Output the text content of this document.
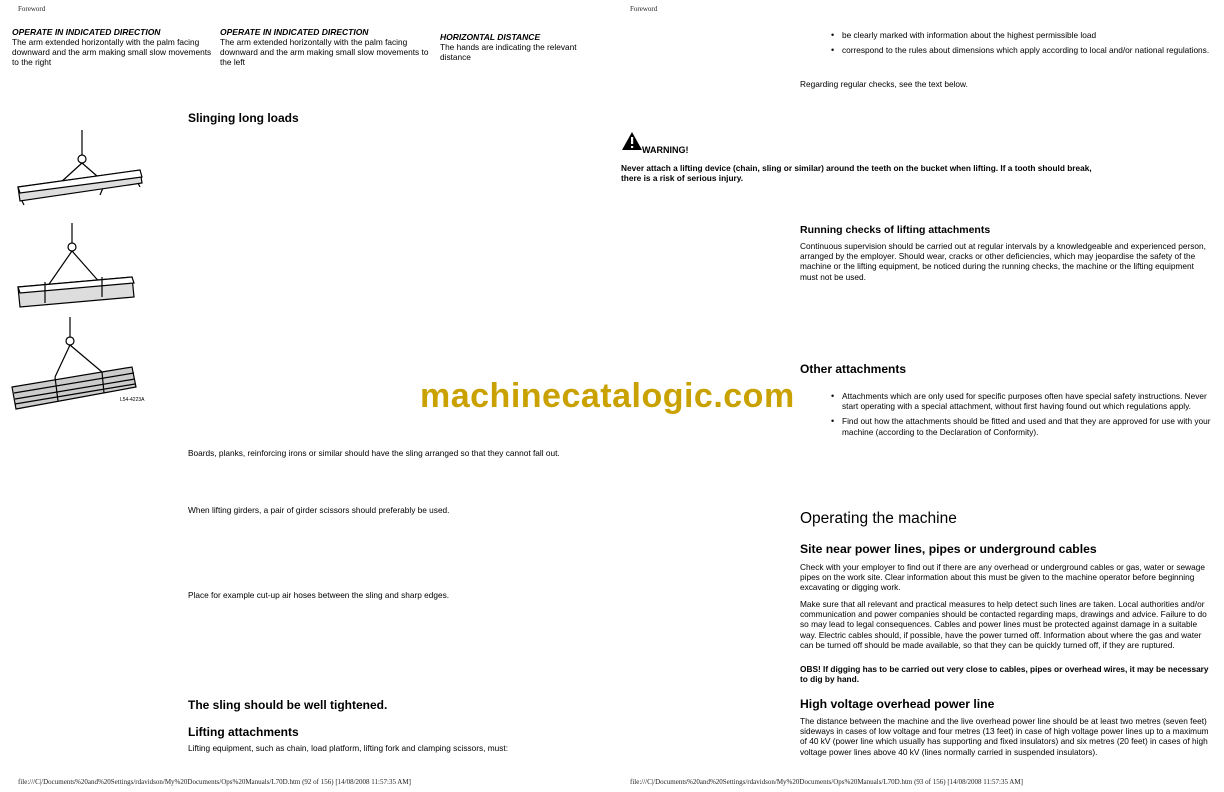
Foreword
OPERATE IN INDICATED DIRECTION
The arm extended horizontally with the palm facing downward and the arm making small slow movements to the right
OPERATE IN INDICATED DIRECTION
The arm extended horizontally with the palm facing downward and the arm making small slow movements to the left
HORIZONTAL DISTANCE
The hands are indicating the relevant distance
Slinging long loads
L54-4223A
Boards, planks, reinforcing irons or similar should have the sling arranged so that they cannot fall out.
When lifting girders, a pair of girder scissors should preferably be used.
Place for example cut-up air hoses between the sling and sharp edges.
The sling should be well tightened.
Lifting attachments
Lifting equipment, such as chain, load platform, lifting fork and clamping scissors, must:
file:///C|/Documents%20and%20Settings/rdavidson/My%20Documents/Ops%20Manuals/L70D.htm (92 of 156) [14/08/2008 11:57:35 AM]
Foreword
• be clearly marked with information about the highest permissible load
• correspond to the rules about dimensions which apply according to local and/or national regulations.
Regarding regular checks, see the text below.
WARNING!
Never attach a lifting device (chain, sling or similar) around the teeth on the bucket when lifting. If a tooth should break, there is a risk of serious injury.
Running checks of lifting attachments
Continuous supervision should be carried out at regular intervals by a knowledgeable and experienced person, arranged by the employer. Should wear, cracks or other deficiencies, which may jeopardise the safety of the machine or the lifting equipment, be noticed during the running checks, the machine or the lifting equipment must not be used.
Other attachments
• Attachments which are only used for specific purposes often have special safety instructions. Never start operating with a special attachment, without first having found out which regulations apply.
• Find out how the attachments should be fitted and used and that they are approved for use with your machine (according to the Declaration of Conformity).
Operating the machine
Site near power lines, pipes or underground cables
Check with your employer to find out if there are any overhead or underground cables or gas, water or sewage pipes on the work site. Clear information about this must be given to the machine operator before beginning excavating or digging work.
Make sure that all relevant and practical measures to help detect such lines are taken. Local authorities and/or communication and power companies should be contacted regarding maps, drawings and advice. Failure to do so may lead to legal consequences. Cables and power lines must be protected against damage in a suitable way. Electric cables should, if possible, have the power turned off. Information about where the gas and water can be turned off should be made available, so that they can be quickly turned off, if they are ruptured.
OBS! If digging has to be carried out very close to cables, pipes or overhead wires, it may be necessary to dig by hand.
High voltage overhead power line
The distance between the machine and the live overhead power line should be at least two metres (seven feet) sideways in cases of low voltage and four metres (13 feet) in case of high voltage power lines up to a maximum of 40 kV (power line which usually has supporting and fixed insulators) and six metres (20 feet) in cases of high voltage power lines above 40 kV (lines normally carried in suspended insulators).
file:///C|/Documents%20and%20Settings/rdavidson/My%20Documents/Ops%20Manuals/L70D.htm (93 of 156) [14/08/2008 11:57:35 AM]
machinecatalogic.com
